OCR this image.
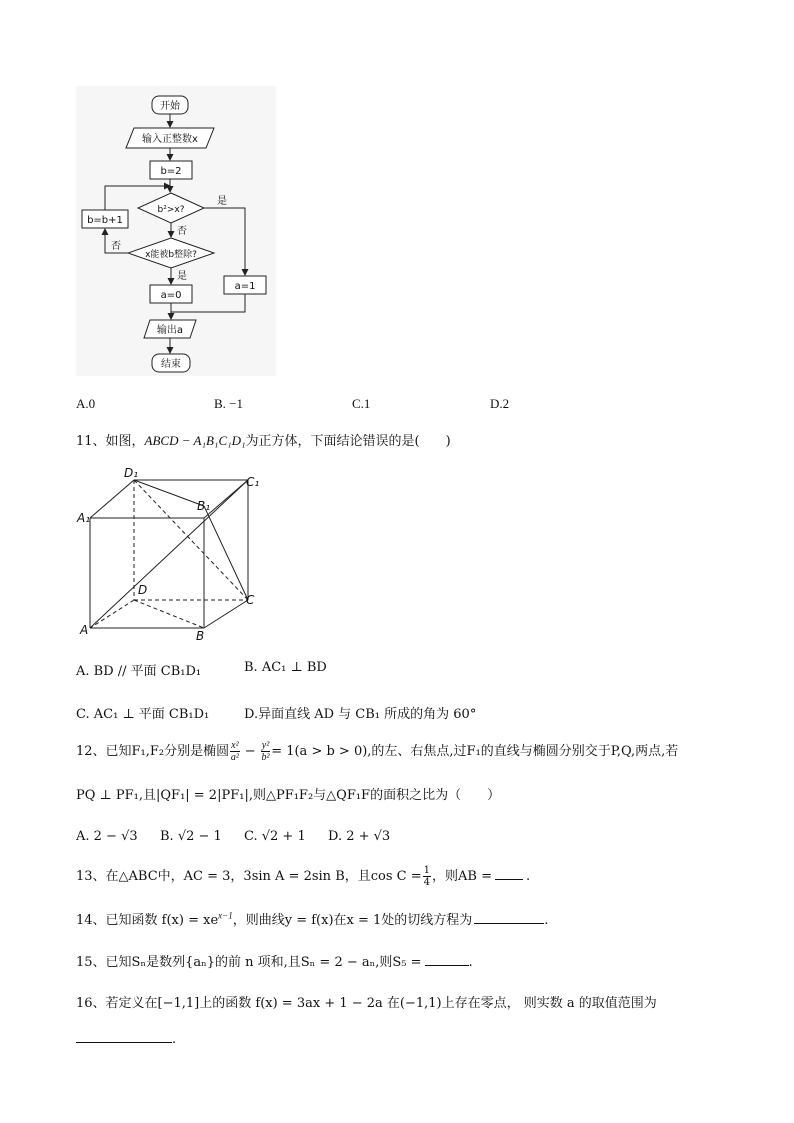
开始
输入正整数x
b=2
b²>x?
x能被b整除?
b=b+1
a=0
a=1
输出a
结束
是
否
是
否
A.0	B. −1	C.1	D.2
11、如图，ABCD − A₁B₁C₁D₁为正方体，下面结论错误的是(　　)
D₁
C₁
A₁
B₁
D
C
A	B
A. BD // 平面 CB₁D₁	B. AC₁ ⊥ BD
C. AC₁ ⊥ 平面 CB₁D₁	D.异面直线 AD 与 CB₁ 所成的角为 60°
12、已知F₁,F₂分别是椭圆 $\frac{\text{x²}}{\text{a²}} - \frac{\text{y²}}{\text{b²}} = 1(a > b > 0)$,的左、右焦点,过F₁的直线与椭圆分别交于P,Q,两点,若
PQ ⊥ PF₁,且|QF₁| = 2|PF₁|,则△PF₁F₂与△QF₁F的面积之比为（　　）
A. 2 − √3 B. √2 − 1 C. √2 + 1 D. 2 + √3
13、在△ABC中，AC = 3，3sin A = 2sin B，且$\cos C = \frac{1}{4}$ ，则AB =	.
14、已知函数 $f(x) = xe^{x-1}$，则曲线y = f(x)在x = 1处的切线方程为	.
15、已知Sₙ是数列{aₙ}的前 n 项和,且Sₙ = 2 − aₙ,则S₅ =	.
16、若定义在[−1,1]上的函数 f(x) = 3ax + 1 − 2a 在(−1,1)上存在零点， 则实数 a 的取值范围为
.
